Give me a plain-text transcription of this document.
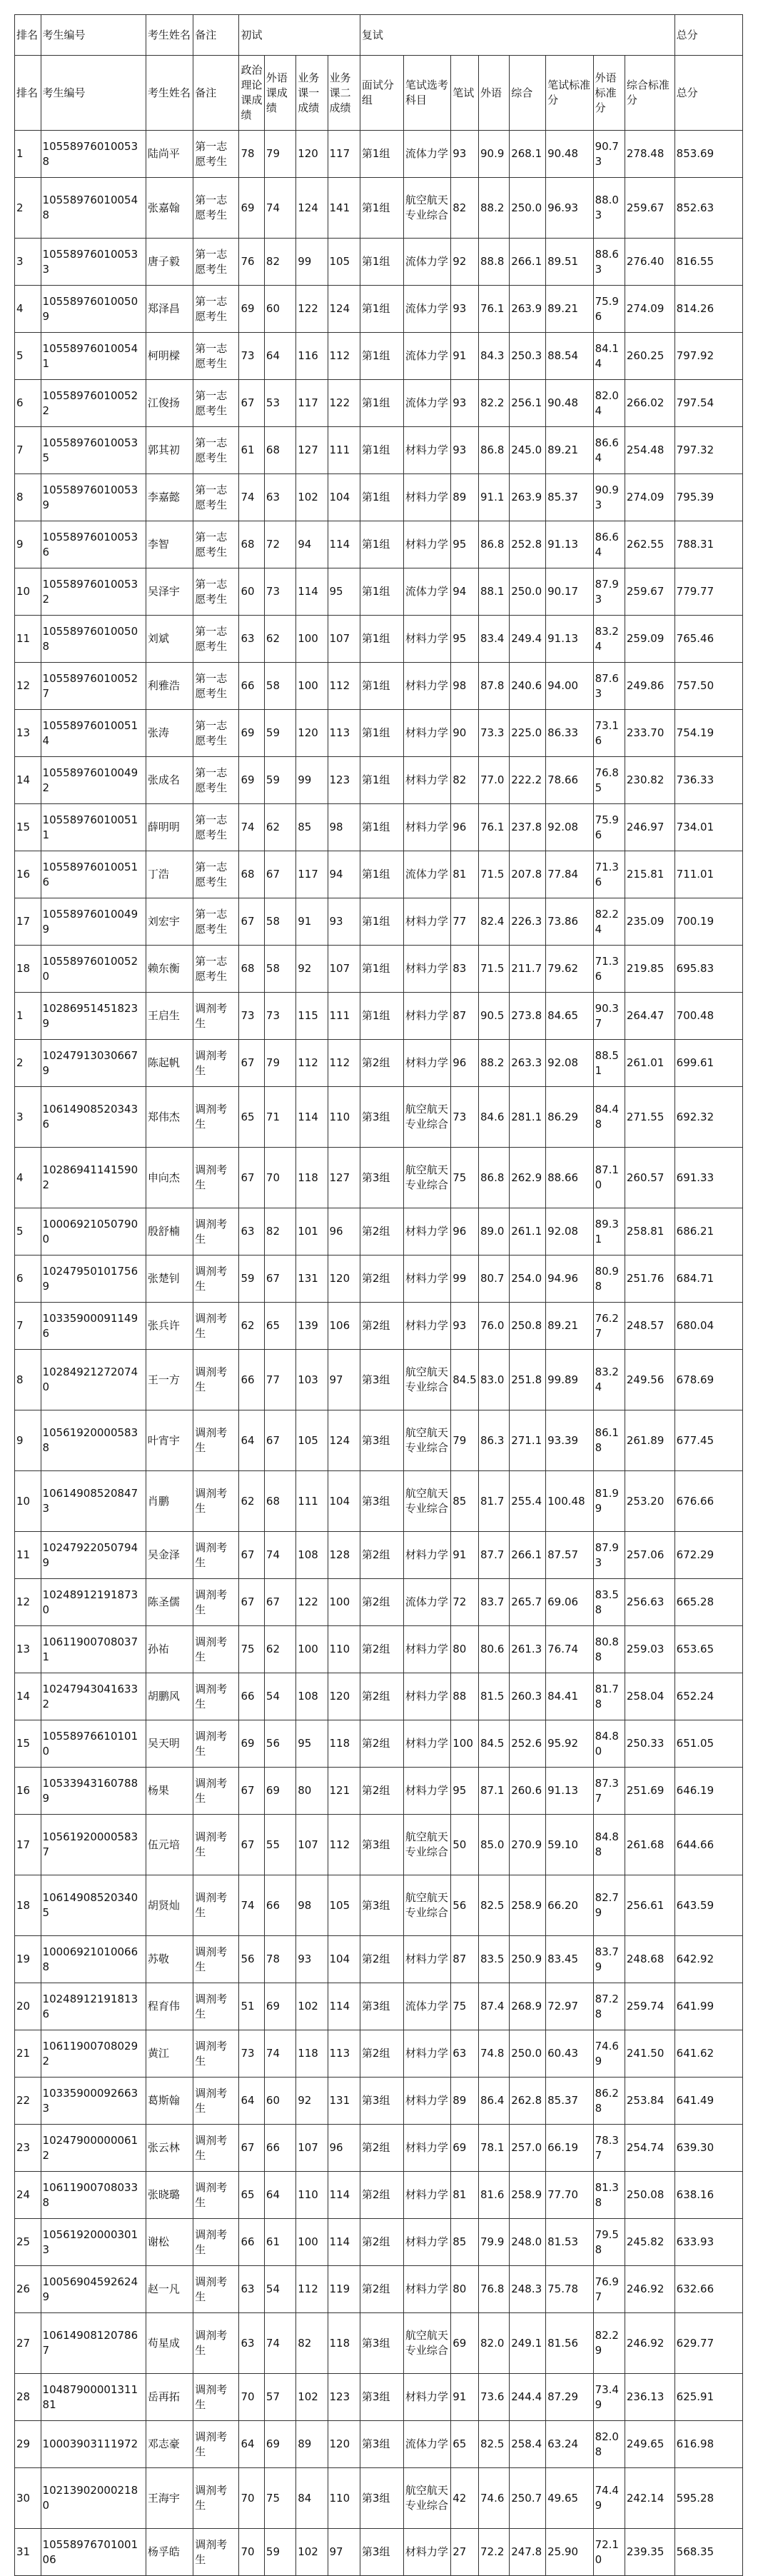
排名	考生编号	考生姓名	备注	初试				复试								总分
排名	考生编号	考生姓名	备注	政治理论课成绩	外语课成绩	业务课一成绩	业务课二成绩	面试分组	笔试选考科目	笔试	外语	综合	笔试标准分	外语标准分	综合标准分	总分
1	10558976010053 8	陆尚平	第一志愿考生	78	79	120	117	第1组	流体力学	93	90.9	268.1	90.48	90.73	278.48	853.69
2	10558976010054 8	张嘉翰	第一志愿考生	69	74	124	141	第1组	航空航天专业综合	82	88.2	250.0	96.93	88.03	259.67	852.63
3	10558976010053 3	唐子毅	第一志愿考生	76	82	99	105	第1组	流体力学	92	88.8	266.1	89.51	88.63	276.40	816.55
4	10558976010050 9	郑泽昌	第一志愿考生	69	60	122	124	第1组	流体力学	93	76.1	263.9	89.21	75.96	274.09	814.26
5	10558976010054 1	柯明樑	第一志愿考生	73	64	116	112	第1组	流体力学	91	84.3	250.3	88.54	84.14	260.25	797.92
6	10558976010052 2	江俊扬	第一志愿考生	67	53	117	122	第1组	流体力学	93	82.2	256.1	90.48	82.04	266.02	797.54
7	10558976010053 5	郭其初	第一志愿考生	61	68	127	111	第1组	材料力学	93	86.8	245.0	89.21	86.64	254.48	797.32
8	10558976010053 9	李嘉懿	第一志愿考生	74	63	102	104	第1组	材料力学	89	91.1	263.9	85.37	90.93	274.09	795.39
9	10558976010053 6	李智	第一志愿考生	68	72	94	114	第1组	材料力学	95	86.8	252.8	91.13	86.64	262.55	788.31
10	10558976010053 2	吴泽宇	第一志愿考生	60	73	114	95	第1组	流体力学	94	88.1	250.0	90.17	87.93	259.67	779.77
11	10558976010050 8	刘斌	第一志愿考生	63	62	100	107	第1组	材料力学	95	83.4	249.4	91.13	83.24	259.09	765.46
12	10558976010052 7	利雅浩	第一志愿考生	66	58	100	112	第1组	材料力学	98	87.8	240.6	94.00	87.63	249.86	757.50
13	10558976010051 4	张涛	第一志愿考生	69	59	120	113	第1组	材料力学	90	73.3	225.0	86.33	73.16	233.70	754.19
14	10558976010049 2	张成名	第一志愿考生	69	59	99	123	第1组	材料力学	82	77.0	222.2	78.66	76.85	230.82	736.33
15	10558976010051 1	薛明明	第一志愿考生	74	62	85	98	第1组	材料力学	96	76.1	237.8	92.08	75.96	246.97	734.01
16	10558976010051 6	丁浩	第一志愿考生	68	67	117	94	第1组	流体力学	81	71.5	207.8	77.84	71.36	215.81	711.01
17	10558976010049 9	刘宏宇	第一志愿考生	67	58	91	93	第1组	材料力学	77	82.4	226.3	73.86	82.24	235.09	700.19
18	10558976010052 0	赖东衡	第一志愿考生	68	58	92	107	第1组	材料力学	83	71.5	211.7	79.62	71.36	219.85	695.83
1	10286951451823 9	王启生	调剂考生	73	73	115	111	第1组	材料力学	87	90.5	273.8	84.65	90.37	264.47	700.48
2	10247913030667 9	陈起帆	调剂考生	67	79	112	112	第2组	材料力学	96	88.2	263.3	92.08	88.51	261.01	699.61
3	10614908520343 6	郑伟杰	调剂考生	65	71	114	110	第3组	航空航天专业综合	73	84.6	281.1	86.29	84.48	271.55	692.32
4	10286941141590 2	申向杰	调剂考生	67	70	118	127	第3组	航空航天专业综合	75	86.8	262.9	88.66	87.10	260.57	691.33
5	10006921050790 0	殷舒楠	调剂考生	63	82	101	96	第2组	材料力学	96	89.0	261.1	92.08	89.31	258.81	686.21
6	10247950101756 9	张楚钊	调剂考生	59	67	131	120	第2组	材料力学	99	80.7	254.0	94.96	80.98	251.76	684.71
7	10335900091149 6	张兵许	调剂考生	62	65	139	106	第2组	材料力学	93	76.0	250.8	89.21	76.27	248.57	680.04
8	10284921272074 0	王一方	调剂考生	66	77	103	97	第3组	航空航天专业综合	84.5	83.0	251.8	99.89	83.24	249.56	678.69
9	10561920000583 8	叶宵宇	调剂考生	64	67	105	124	第3组	航空航天专业综合	79	86.3	271.1	93.39	86.18	261.89	677.45
10	10614908520847 3	肖鹏	调剂考生	62	68	111	104	第3组	航空航天专业综合	85	81.7	255.4	100.48	81.99	253.20	676.66
11	10247922050794 9	吴金泽	调剂考生	67	74	108	128	第2组	材料力学	91	87.7	266.1	87.57	87.93	257.06	672.29
12	10248912191873 0	陈圣儒	调剂考生	67	67	122	100	第2组	流体力学	72	83.7	265.7	69.06	83.58	256.63	665.28
13	10611900708037 1	孙祐	调剂考生	75	62	100	110	第2组	材料力学	80	80.6	261.3	76.74	80.88	259.03	653.65
14	10247943041633 2	胡鹏风	调剂考生	66	54	108	120	第2组	材料力学	88	81.5	260.3	84.41	81.78	258.04	652.24
15	10558976610101 0	吴天明	调剂考生	69	56	95	118	第2组	材料力学	100	84.5	252.6	95.92	84.80	250.33	651.05
16	10533943160788 9	杨果	调剂考生	67	69	80	121	第2组	材料力学	95	87.1	260.6	91.13	87.37	251.69	646.19
17	10561920000583 7	伍元培	调剂考生	67	55	107	112	第3组	航空航天专业综合	50	85.0	270.9	59.10	84.88	261.68	644.66
18	10614908520340 5	胡贤灿	调剂考生	74	66	98	105	第3组	航空航天专业综合	56	82.5	258.9	66.20	82.79	256.61	643.59
19	10006921010066 8	苏敬	调剂考生	56	78	93	104	第2组	材料力学	87	83.5	250.9	83.45	83.79	248.68	642.92
20	10248912191813 6	程育伟	调剂考生	51	69	102	114	第3组	流体力学	75	87.4	268.9	72.97	87.28	259.74	641.99
21	10611900708029 2	黄江	调剂考生	73	74	118	113	第2组	材料力学	63	74.8	250.0	60.43	74.69	241.50	641.62
22	10335900092663 3	葛斯翰	调剂考生	64	60	92	131	第3组	材料力学	89	86.4	262.8	85.37	86.28	253.84	641.49
23	10247900000061 2	张云林	调剂考生	67	66	107	96	第2组	材料力学	69	78.1	257.0	66.19	78.37	254.74	639.30
24	10611900708033 8	张晓璐	调剂考生	65	64	110	114	第2组	材料力学	81	81.6	258.9	77.70	81.38	250.08	638.16
25	10561920000301 3	谢松	调剂考生	66	61	100	114	第2组	材料力学	85	79.9	248.0	81.53	79.58	245.82	633.93
26	10056904592624 9	赵一凡	调剂考生	63	54	112	119	第2组	材料力学	80	76.8	248.3	75.78	76.97	246.92	632.66
27	10614908120786 7	苟星成	调剂考生	63	74	82	118	第3组	航空航天专业综合	69	82.0	249.1	81.56	82.29	246.92	629.77
28	10487900001311 81	岳再拓	调剂考生	70	57	102	123	第3组	材料力学	91	73.6	244.4	87.29	73.49	236.13	625.91
29	10003903111972	邓志豪	调剂考生	64	69	89	120	第3组	流体力学	65	82.5	258.4	63.24	82.08	249.65	616.98
30	10213902000218 0	王海宇	调剂考生	70	75	84	110	第3组	航空航天专业综合	42	74.6	250.7	49.65	74.49	242.14	595.28
31	10558976701001 06	杨孚皓	调剂考生	70	59	102	97	第3组	材料力学	27	72.2	247.8	25.90	72.10	239.35	568.35
